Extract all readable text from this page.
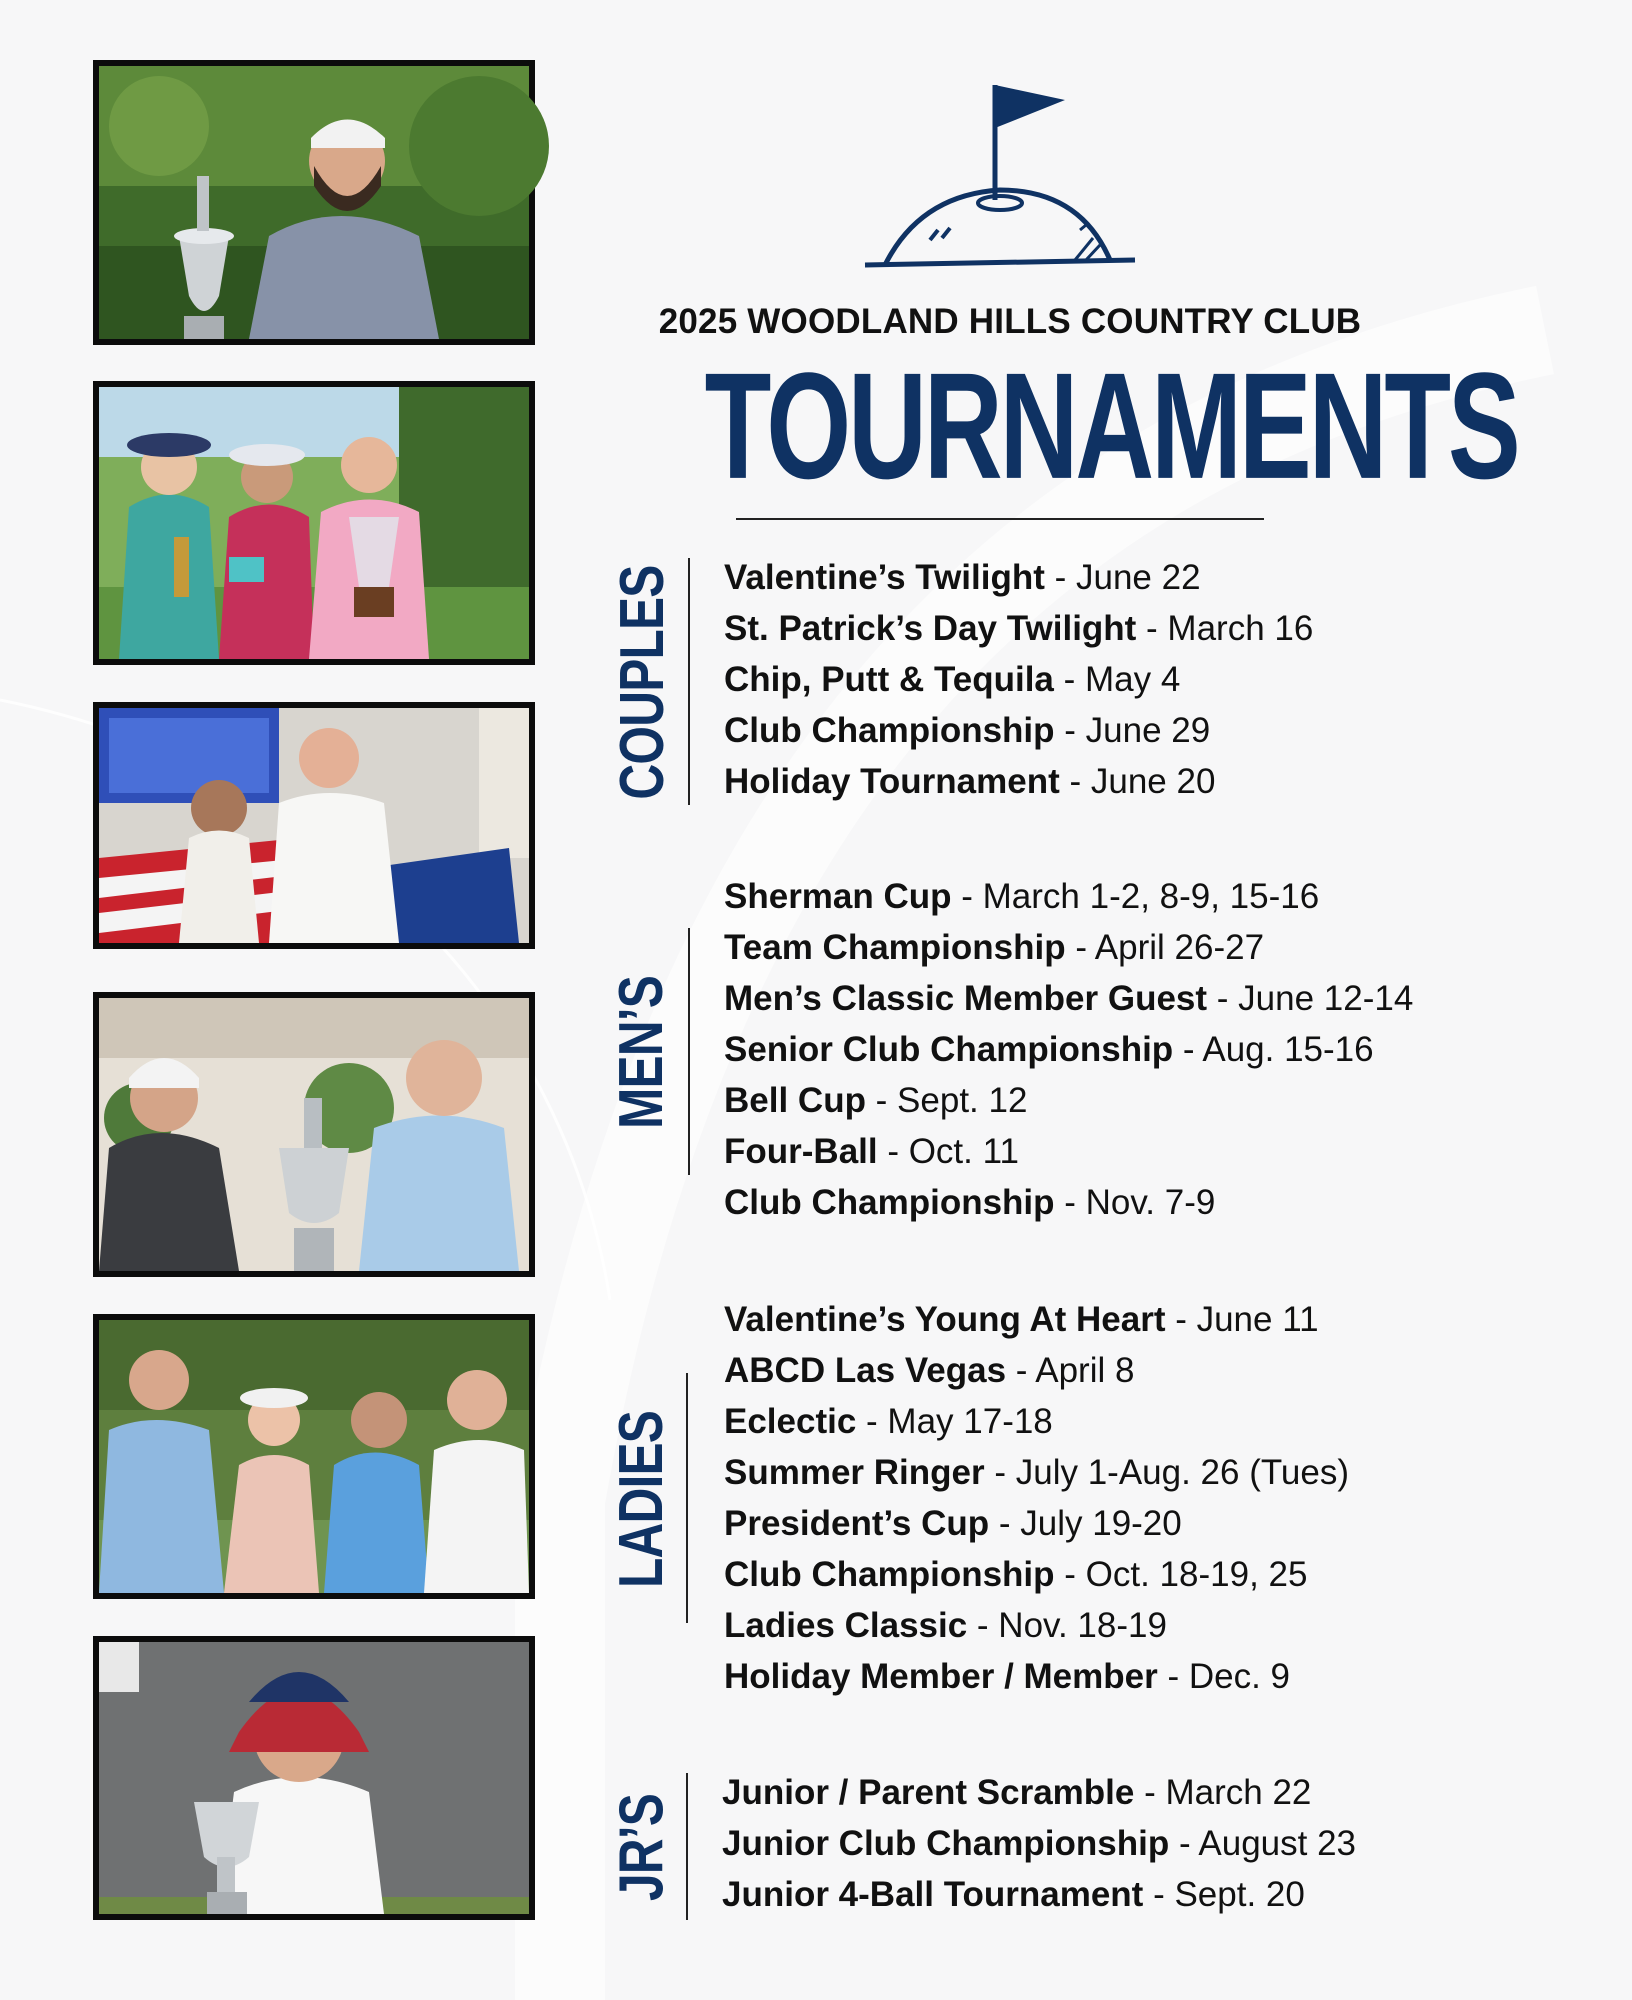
2025 WOODLAND HILLS COUNTRY CLUB
TOURNAMENTS
COUPLES Valentine’s Twilight - June 22
St. Patrick’s Day Twilight - March 16
Chip, Putt & Tequila - May 4
Club Championship - June 29
Holiday Tournament - June 20
MEN’S
Sherman Cup - March 1-2, 8-9, 15-16
Team Championship - April 26-27
Men’s Classic Member Guest - June 12-14
Senior Club Championship - Aug. 15-16
Bell Cup - Sept. 12
Four-Ball - Oct. 11
Club Championship - Nov. 7-9
LADIES
Valentine’s Young At Heart - June 11
ABCD Las Vegas - April 8
Eclectic - May 17-18
Summer Ringer - July 1-Aug. 26 (Tues)
President’s Cup - July 19-20
Club Championship - Oct. 18-19, 25
Ladies Classic - Nov. 18-19
Holiday Member / Member - Dec. 9
JR’S
Junior / Parent Scramble - March 22
Junior Club Championship - August 23
Junior 4-Ball Tournament - Sept. 20
